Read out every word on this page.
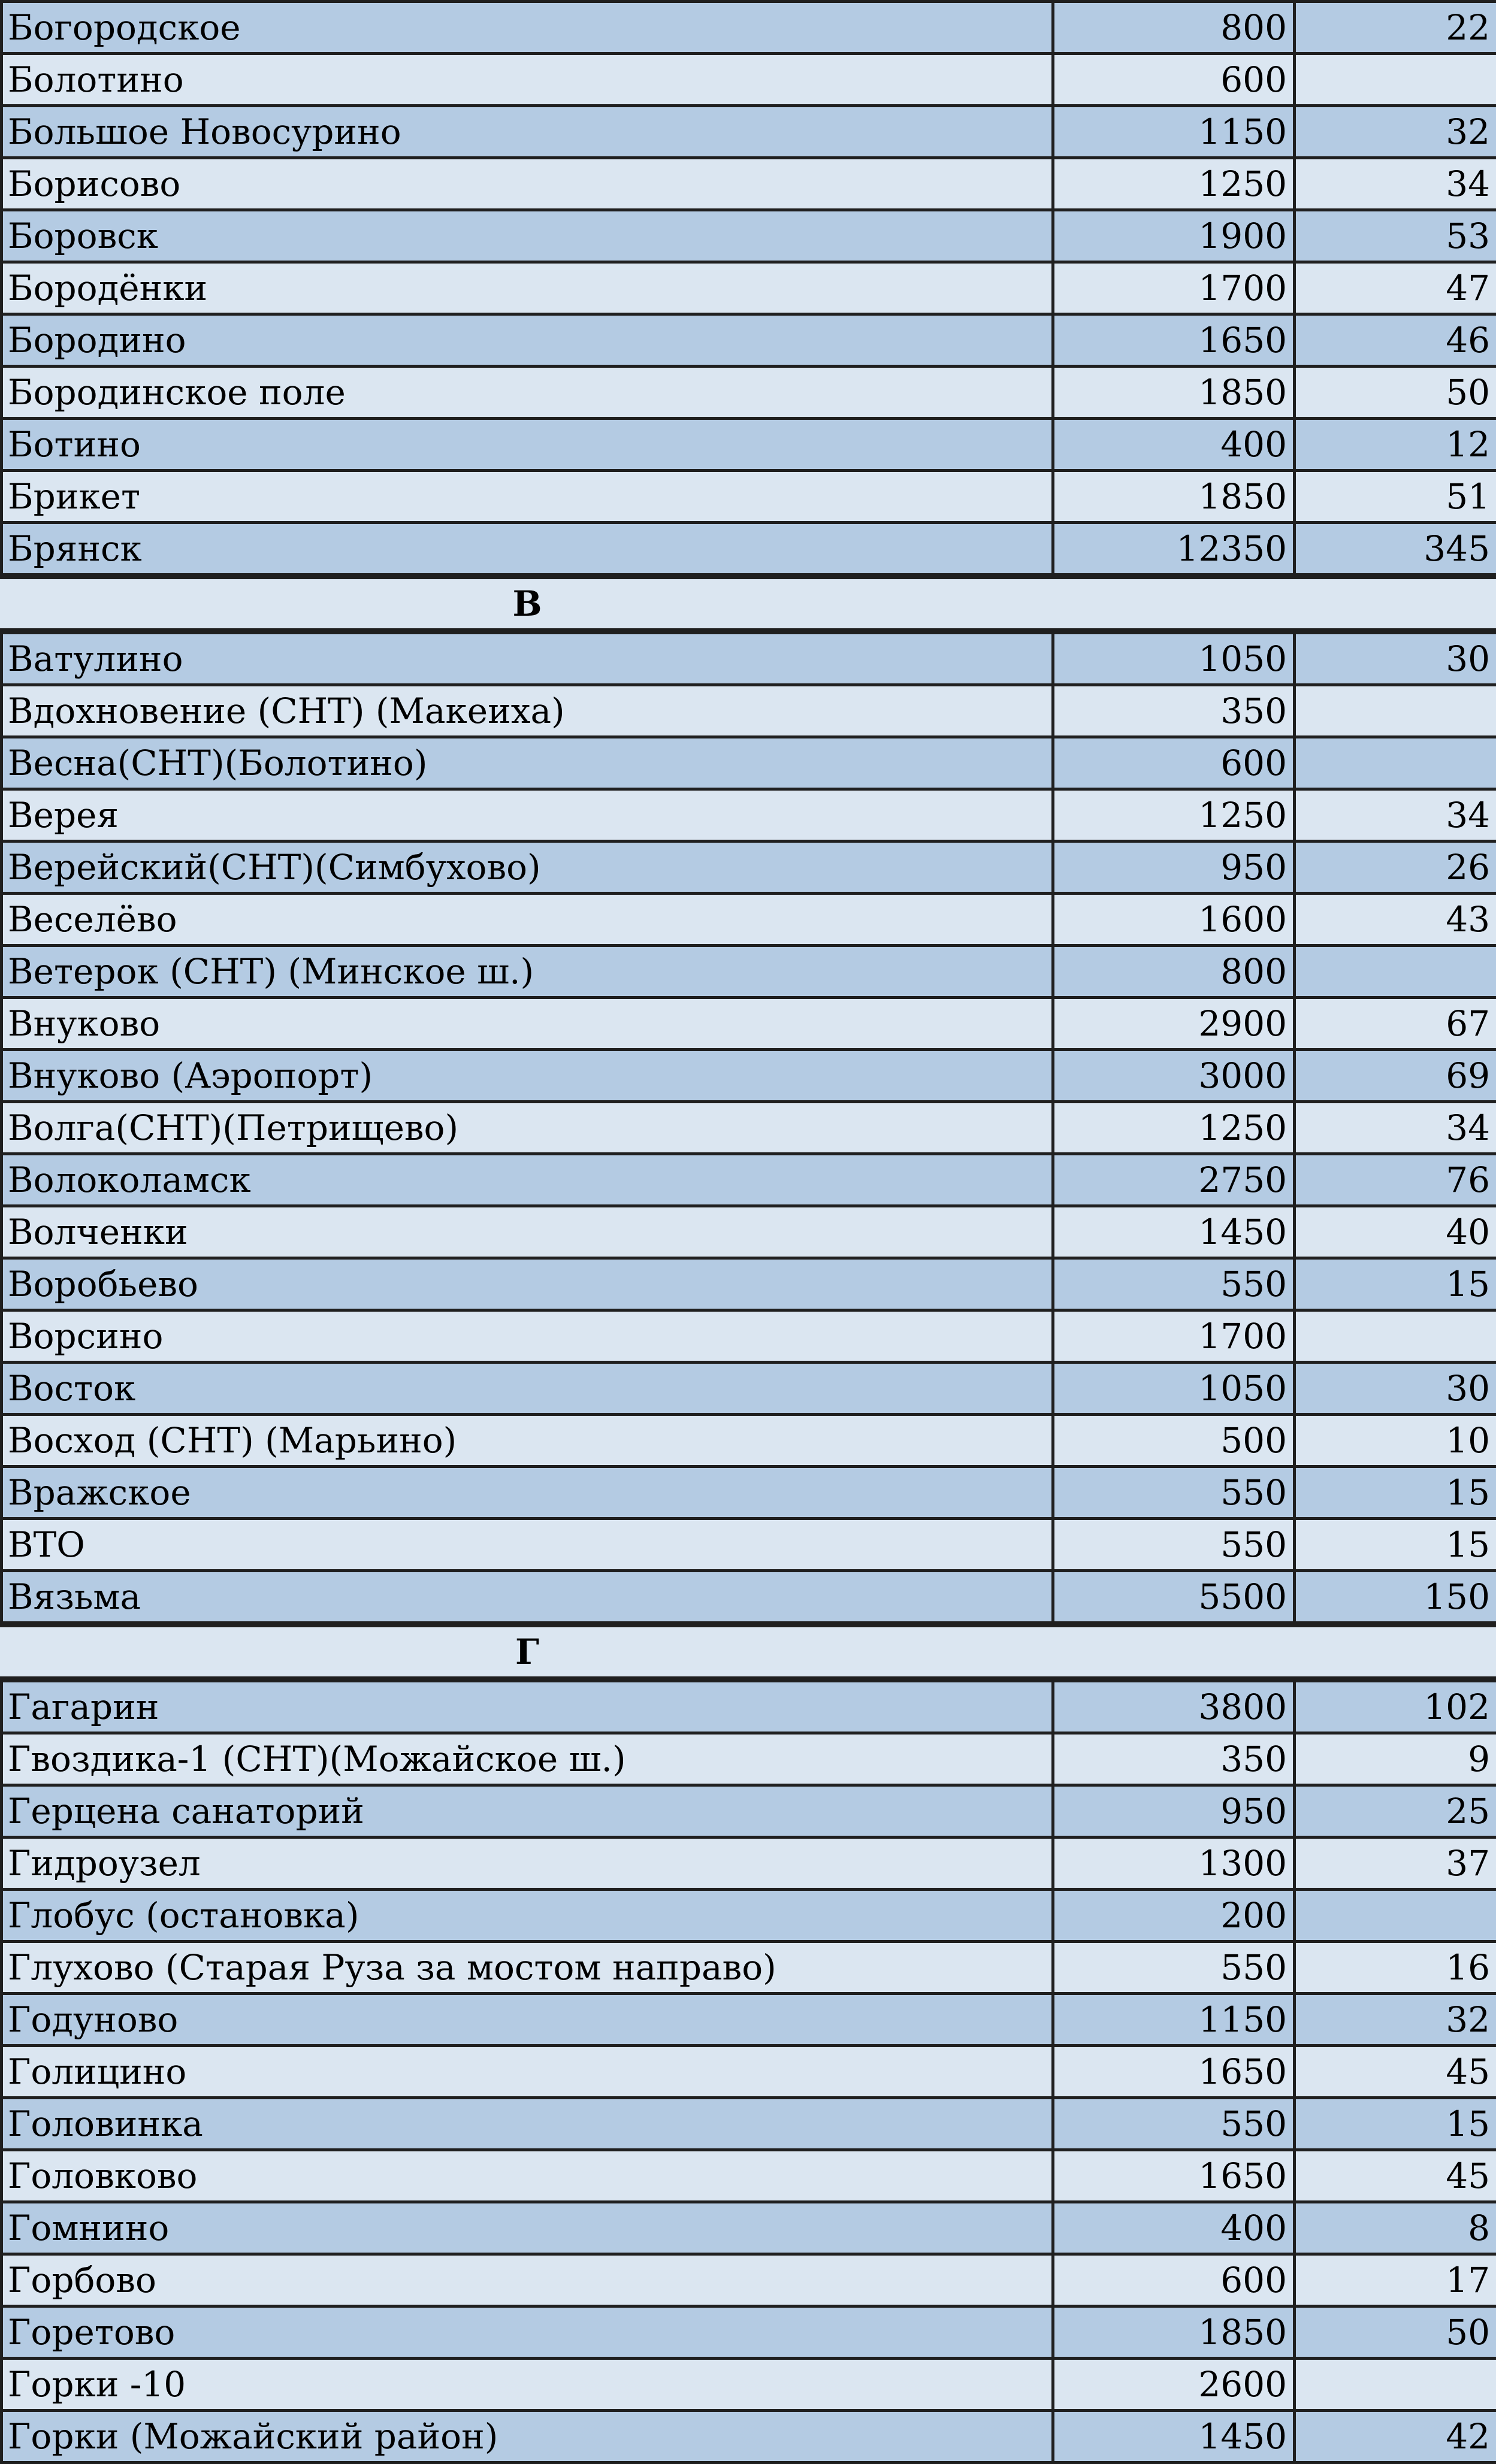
Богородское	800	22
Болотино	600	
Большое Новосурино	1150	32
Борисово	1250	34
Боровск	1900	53
Бородёнки	1700	47
Бородино	1650	46
Бородинское поле	1850	50
Ботино	400	12
Брикет	1850	51
Брянск	12350	345
В		
Ватулино	1050	30
Вдохновение (СНТ) (Макеиха)	350	
Весна(СНТ)(Болотино)	600	
Верея	1250	34
Верейский(СНТ)(Симбухово)	950	26
Веселёво	1600	43
Ветерок (СНТ) (Минское ш.)	800	
Внуково	2900	67
Внуково (Аэропорт)	3000	69
Волга(СНТ)(Петрищево)	1250	34
Волоколамск	2750	76
Волченки	1450	40
Воробьево	550	15
Ворсино	1700	
Восток	1050	30
Восход (СНТ) (Марьино)	500	10
Вражское	550	15
ВТО	550	15
Вязьма	5500	150
Г		
Гагарин	3800	102
Гвоздика-1 (СНТ)(Можайское ш.)	350	9
Герцена санаторий	950	25
Гидроузел	1300	37
Глобус (остановка)	200	
Глухово (Старая Руза за мостом направо)	550	16
Годуново	1150	32
Голицино	1650	45
Головинка	550	15
Головково	1650	45
Гомнино	400	8
Горбово	600	17
Горетово	1850	50
Горки -10	2600	
Горки (Можайский район)	1450	42
